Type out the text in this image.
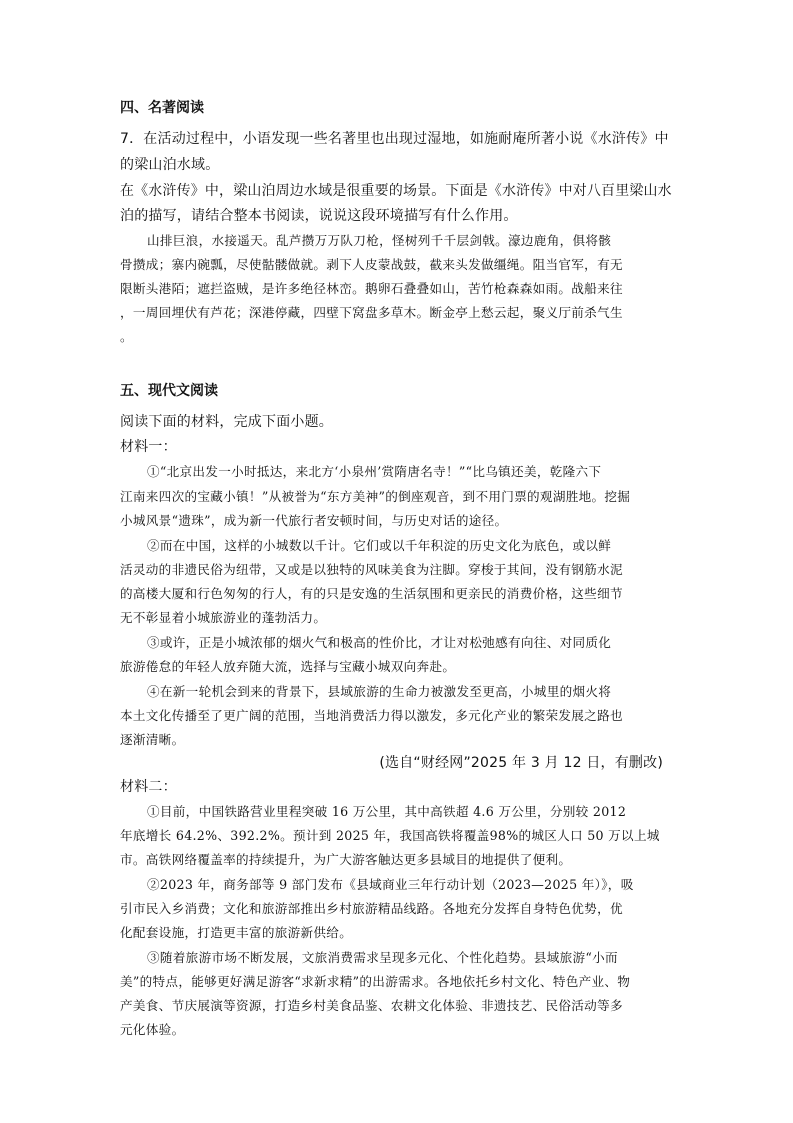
四、名著阅读
7．在活动过程中，小语发现一些名著里也出现过湿地，如施耐庵所著小说《水浒传》中
的梁山泊水域。
在《水浒传》中，梁山泊周边水域是很重要的场景。下面是《水浒传》中对八百里梁山水
泊的描写，请结合整本书阅读，说说这段环境描写有什么作用。
山排巨浪，水接遥天。乱芦攒万万队刀枪，怪树列千千层剑戟。濠边鹿角，俱将骸
骨攒成；寨内碗瓢，尽使骷髅做就。剥下人皮蒙战鼓，截来头发做缰绳。阻当官军，有无
限断头港陌；遮拦盗贼，是许多绝径林峦。鹅卵石叠叠如山，苦竹枪森森如雨。战船来往
，一周回埋伏有芦花；深港停藏，四壁下窝盘多草木。断金亭上愁云起，聚义厅前杀气生
。
五、现代文阅读
阅读下面的材料，完成下面小题。
材料一：
①“北京出发一小时抵达，来北方‘小泉州’赏隋唐名寺！”“比乌镇还美，乾隆六下
江南来四次的宝藏小镇！”从被誉为“东方美神”的倒座观音，到不用门票的观湖胜地。挖掘
小城风景“遗珠”，成为新一代旅行者安顿时间，与历史对话的途径。
②而在中国，这样的小城数以千计。它们或以千年积淀的历史文化为底色，或以鲜
活灵动的非遗民俗为纽带，又或是以独特的风味美食为注脚。穿梭于其间，没有钢筋水泥
的高楼大厦和行色匆匆的行人，有的只是安逸的生活氛围和更亲民的消费价格，这些细节
无不彰显着小城旅游业的蓬勃活力。
③或许，正是小城浓郁的烟火气和极高的性价比，才让对松弛感有向往、对同质化
旅游倦怠的年轻人放弃随大流，选择与宝藏小城双向奔赴。
④在新一轮机会到来的背景下，县域旅游的生命力被激发至更高，小城里的烟火将
本土文化传播至了更广阔的范围，当地消费活力得以激发，多元化产业的繁荣发展之路也
逐渐清晰。
(选自“财经网”2025 年 3 月 12 日，有删改)
材料二：
①目前，中国铁路营业里程突破 16 万公里，其中高铁超 4.6 万公里，分别较 2012
年底增长 64.2%、392.2%。预计到 2025 年，我国高铁将覆盖98%的城区人口 50 万以上城
市。高铁网络覆盖率的持续提升，为广大游客触达更多县域目的地提供了便利。
②2023 年，商务部等 9 部门发布《县域商业三年行动计划（2023—2025 年）》，吸
引市民入乡消费；文化和旅游部推出乡村旅游精品线路。各地充分发挥自身特色优势，优
化配套设施，打造更丰富的旅游新供给。
③随着旅游市场不断发展，文旅消费需求呈现多元化、个性化趋势。县域旅游“小而
美”的特点，能够更好满足游客“求新求精”的出游需求。各地依托乡村文化、特色产业、物
产美食、节庆展演等资源，打造乡村美食品鉴、农耕文化体验、非遗技艺、民俗活动等多
元化体验。
